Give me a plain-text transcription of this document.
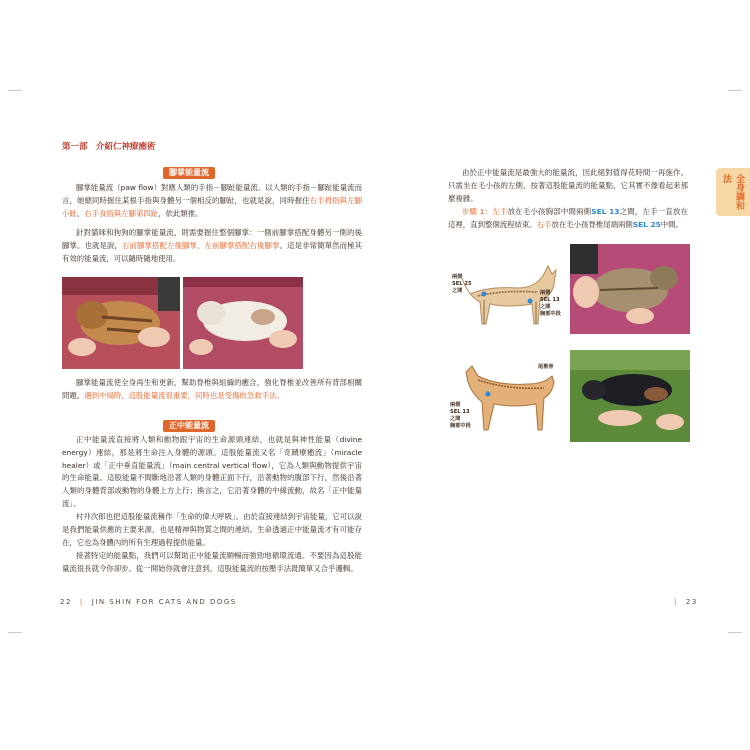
第一部　介紹仁神療癒術
腳掌能量流

腳掌能量流（paw flow）對應人類的手指－腳趾能量流。以人類的手指－腳趾能量流而言，她總同時握住某根手指與身體另一個相反的腳趾，也就是說，同時握住右手拇指與左腳小趾、右手食指與左腳第四趾，依此類推。

針對貓咪和狗狗的腳掌能量流，則需要握住整個腳掌：一側前腳掌搭配身體另一側的後腳掌。也就是說，右前腳掌搭配左後腳掌，左前腳掌搭配右後腳掌。這是非常簡單然而極其有效的能量流，可以隨時隨地使用。

腳掌能量流使全身再生和更新，幫助脊椎與組織的癒合，強化脊椎並改善所有背部相關問題。遇到中風時，這股能量流很重要，同時也是受傷的急救手法。

正中能量流

正中能量流直接將人類和動物跟宇宙的生命源頭連結，也就是與神性能量（divine energy）連結，那是將生命注入身體的源頭。這股能量流又名「奇蹟療癒流」（miracle healer）或「正中垂直能量流」（main central vertical flow），它為人類與動物提供宇宙的生命能量。這股能量不間斷地沿著人類的身體正面下行，沿著動物的腹部下行，然後沿著人類的身體背部或動物的身體上方上行；換言之，它沿著身體的中線流動，故名「正中能量流」。

村井次郎也把這股能量流稱作「生命的偉大呼吸」。由於直接連結到宇宙能量，它可以說是我們能量供應的主要來源，也是精神與物質之間的連結。生命透過正中能量流才有可能存在，它也為身體內的所有生理過程提供能量。

接著特定的能量點，我們可以幫助正中能量流順暢而強勁地循環流通。不要因為這股能量流很長就令你卻步。從一開始你就會注意到，這股能量流的按壓手法既簡單又合乎邏輯。

22 | JIN SHIN FOR CATS AND DOGS
全身調和法

由於正中能量流是最強大的能量流，因此絕對值得花時間一再施作。只需坐在毛小孩的左側，按著這股能量流的能量點，它其實不像看起來那麼複雜。

步驟 1：左手放在毛小孩胸部中間兩側SEL 13之間，左手一直放在這裡，直到整個流程結束。右手放在毛小孩脊椎尾端兩側SEL 25中間。

兩側
SEL 25
之間	兩側
SEL 13
之間
胸部中段
尾椎骨
兩側
SEL 13
之間
胸部中段
| 23
